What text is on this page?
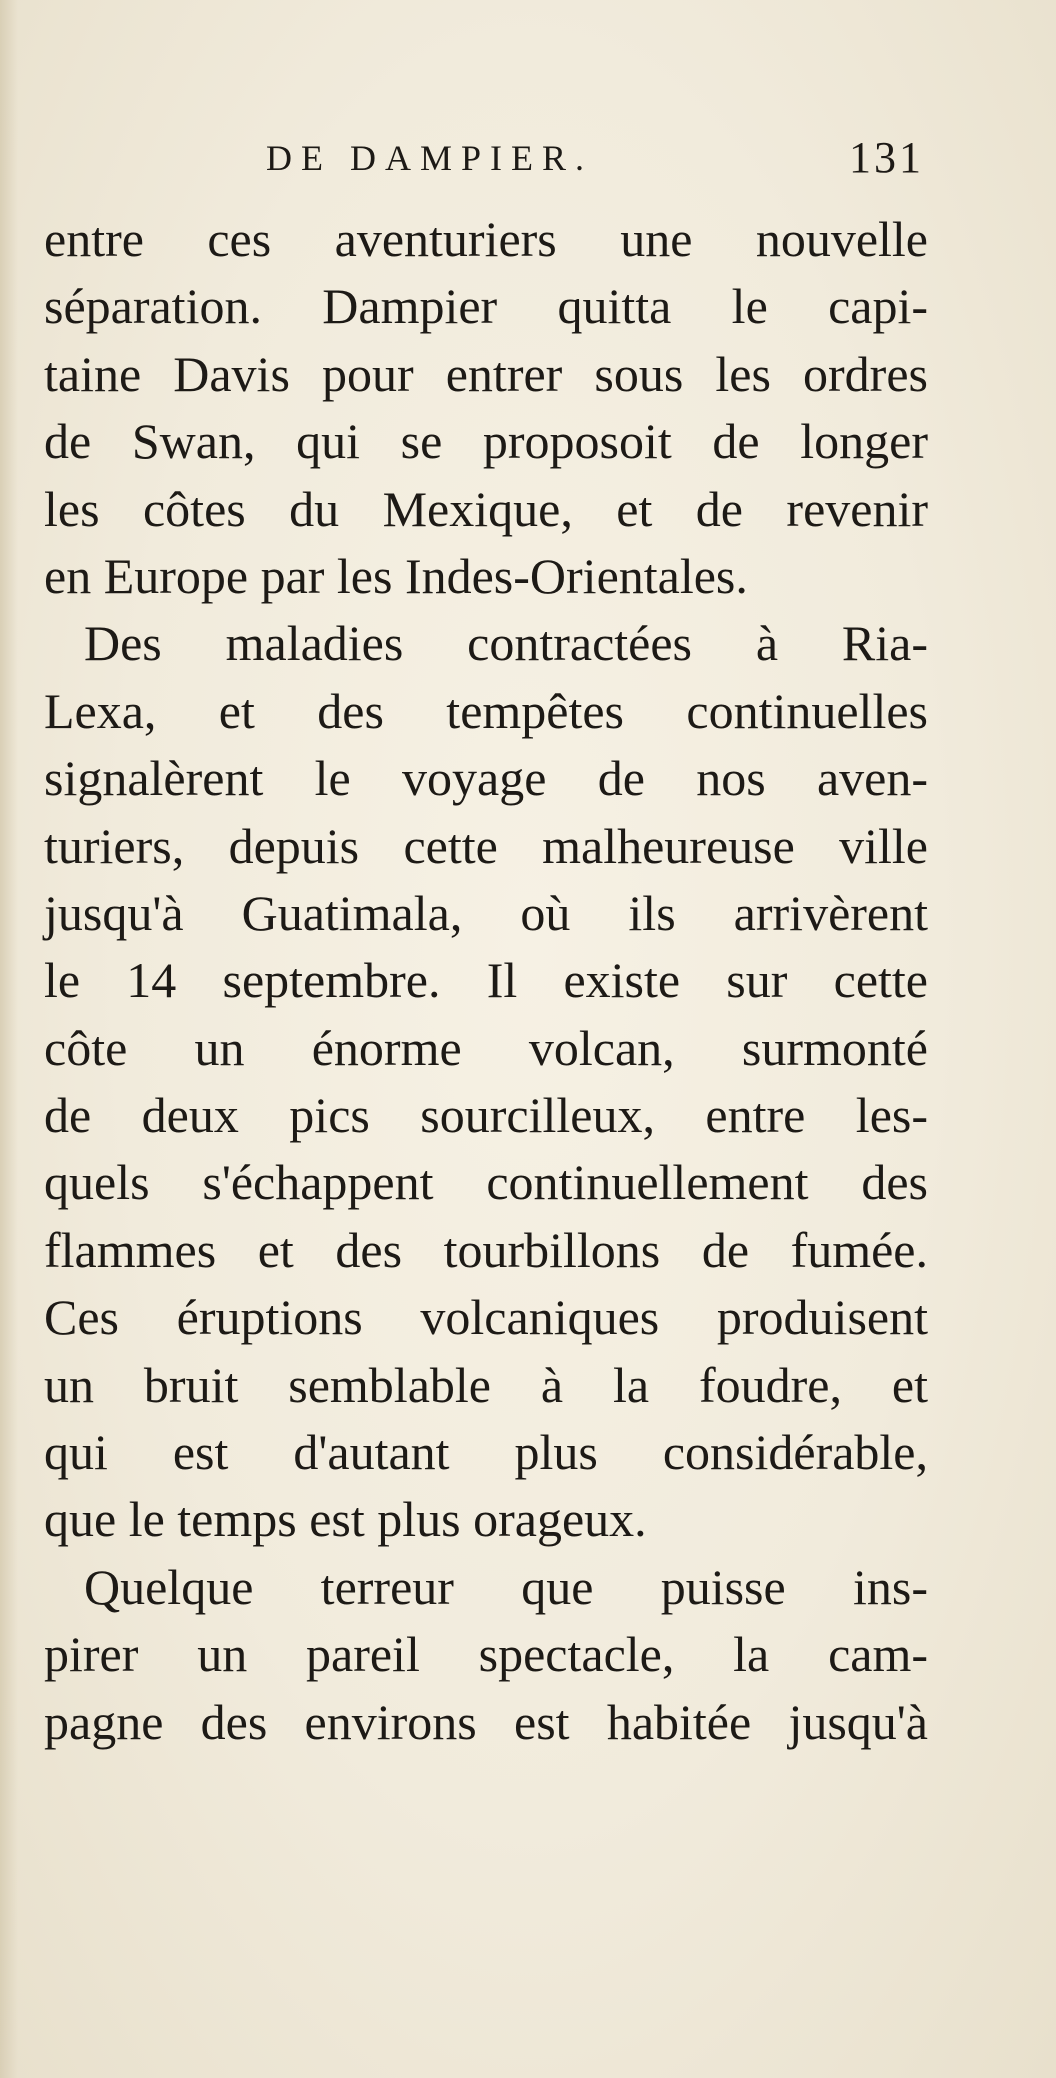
DE DAMPIER.	131
entre ces aventuriers une nouvelle
séparation. Dampier quitta le capi-
taine Davis pour entrer sous les ordres
de Swan, qui se proposoit de longer
les côtes du Mexique, et de revenir
en Europe par les Indes-Orientales.
Des maladies contractées à Ria-
Lexa, et des tempêtes continuelles
signalèrent le voyage de nos aven-
turiers, depuis cette malheureuse ville
jusqu'à Guatimala, où ils arrivèrent
le 14 septembre. Il existe sur cette
côte un énorme volcan, surmonté
de deux pics sourcilleux, entre les-
quels s'échappent continuellement des
flammes et des tourbillons de fumée.
Ces éruptions volcaniques produisent
un bruit semblable à la foudre, et
qui est d'autant plus considérable,
que le temps est plus orageux.
Quelque terreur que puisse ins-
pirer un pareil spectacle, la cam-
pagne des environs est habitée jusqu'à
